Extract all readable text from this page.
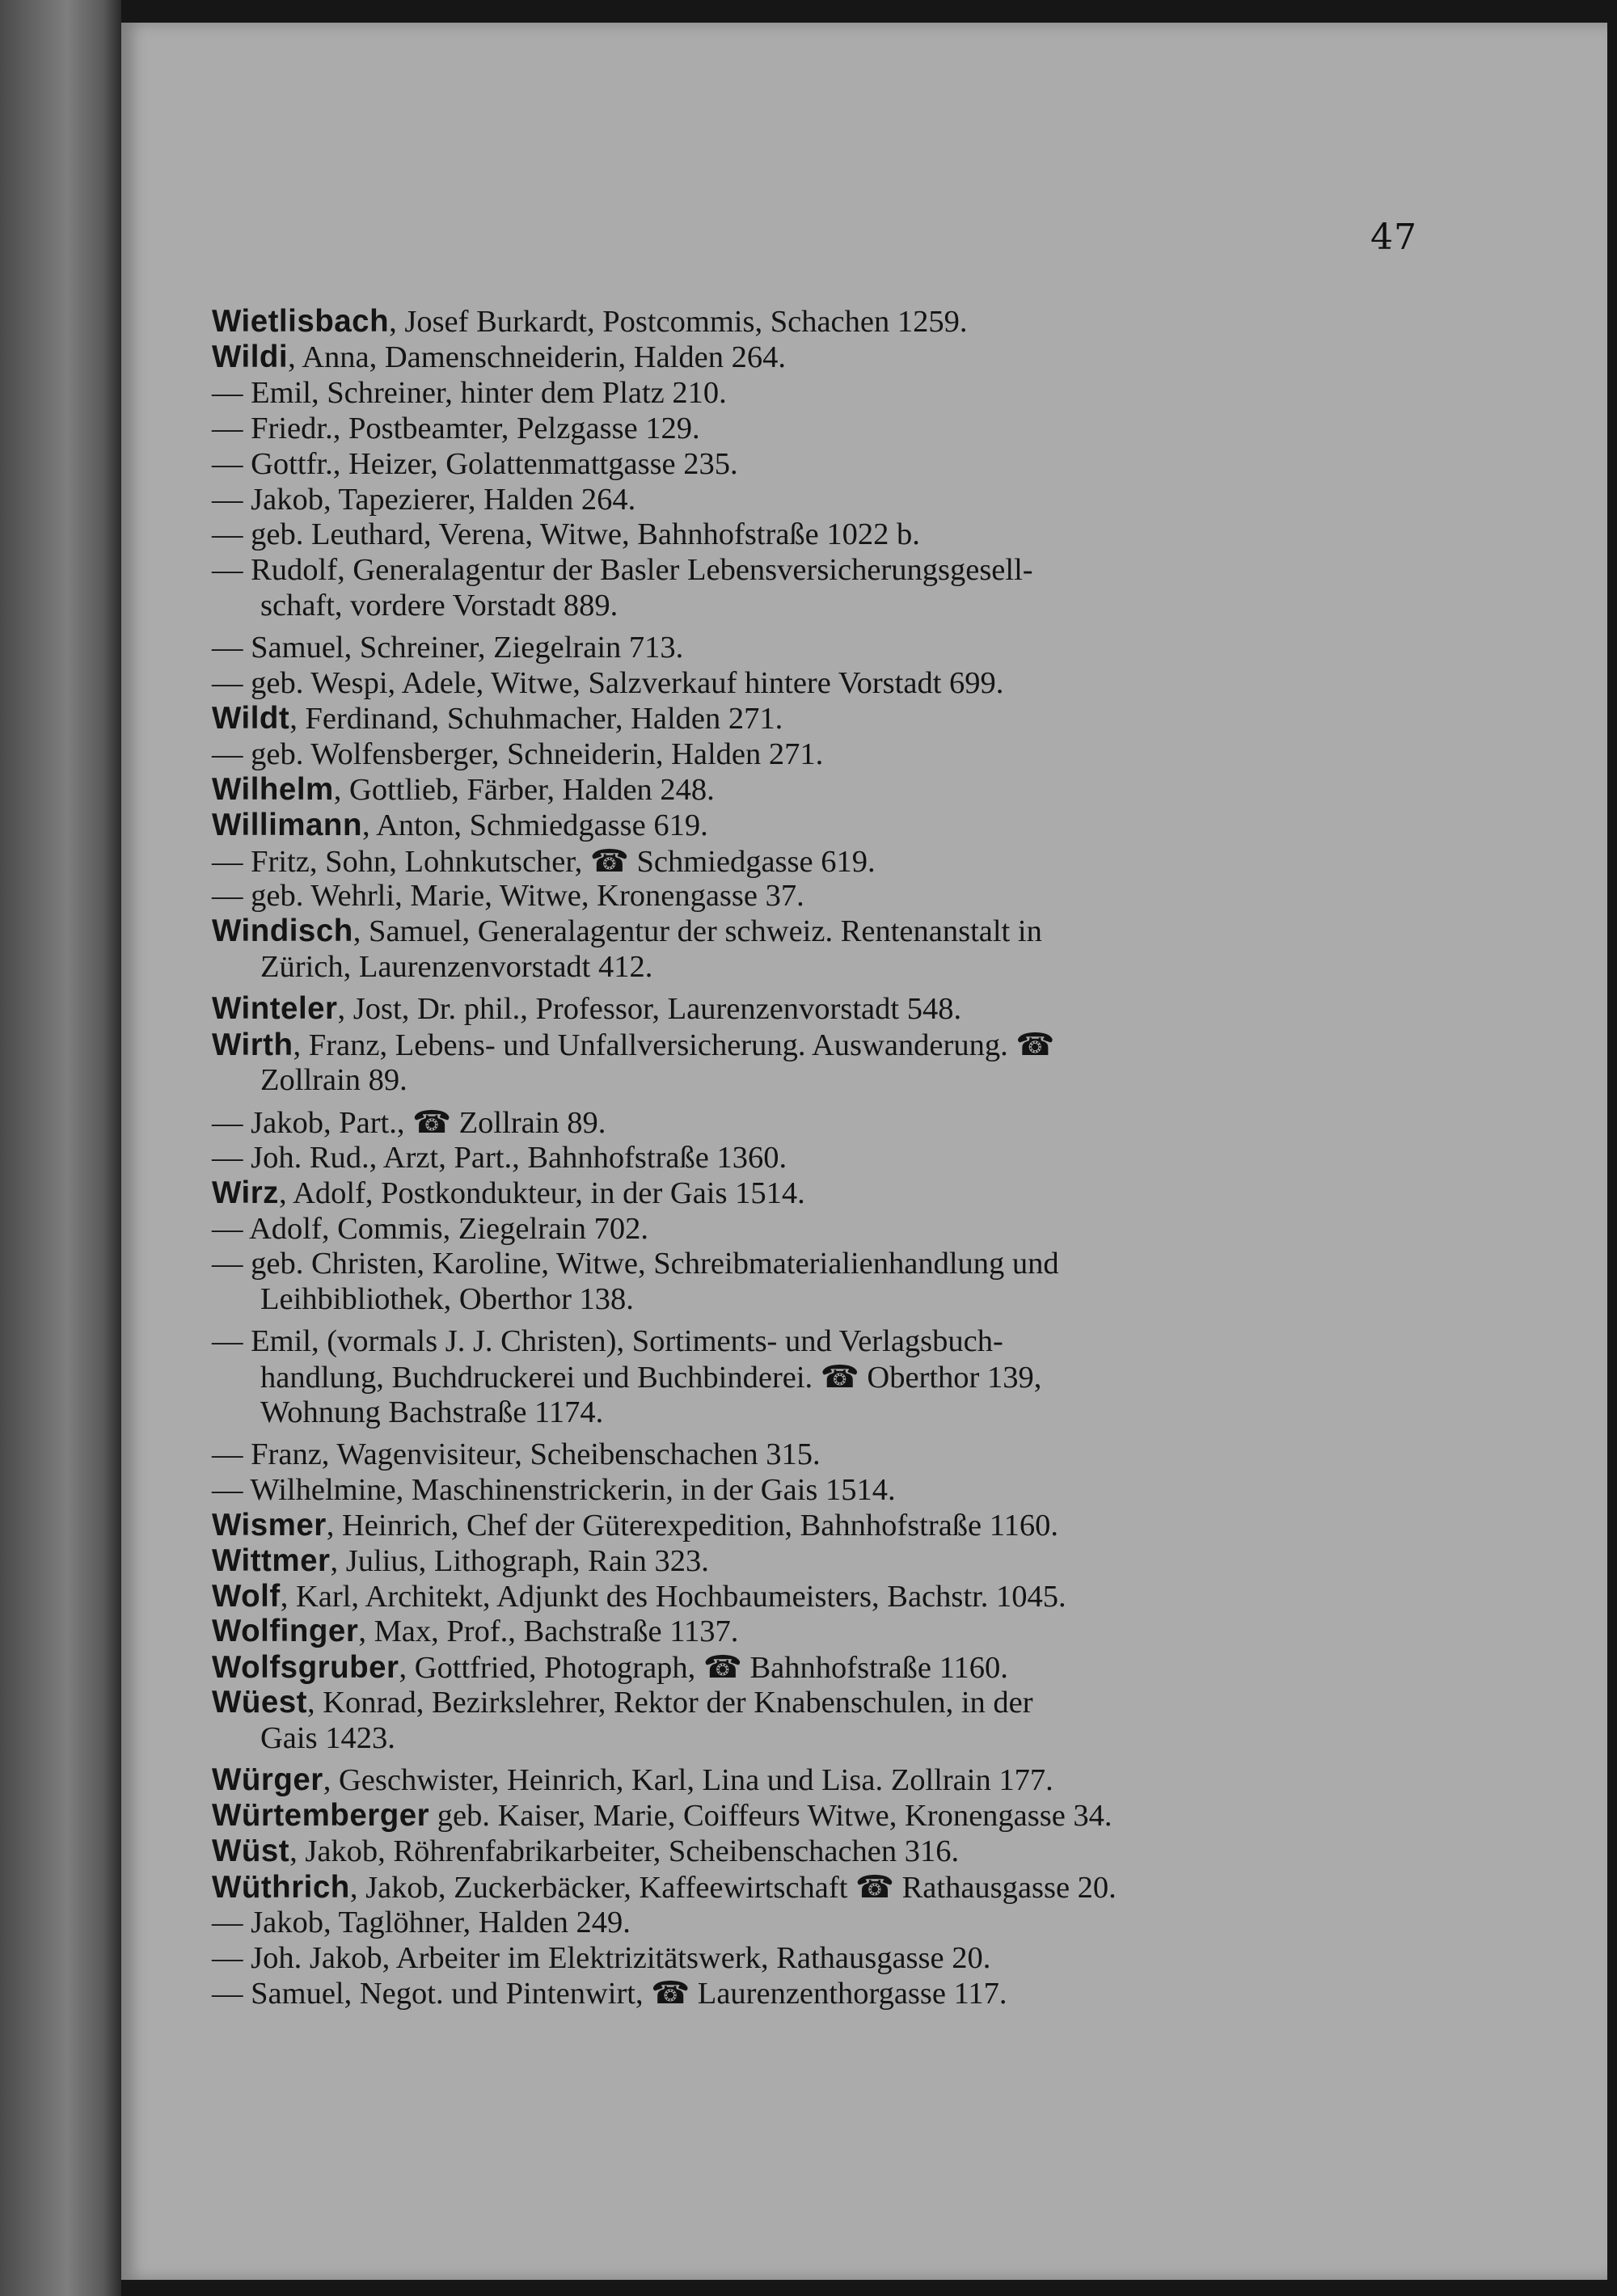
47
Wietlisbach, Josef Burkardt, Postcommis, Schachen 1259.
Wildi, Anna, Damenschneiderin, Halden 264.
— Emil, Schreiner, hinter dem Platz 210.
— Friedr., Postbeamter, Pelzgasse 129.
— Gottfr., Heizer, Golattenmattgasse 235.
— Jakob, Tapezierer, Halden 264.
— geb. Leuthard, Verena, Witwe, Bahnhofstraße 1022 b.
— Rudolf, Generalagentur der Basler Lebensversicherungsgesell-
schaft, vordere Vorstadt 889.
— Samuel, Schreiner, Ziegelrain 713.
— geb. Wespi, Adele, Witwe, Salzverkauf hintere Vorstadt 699.
Wildt, Ferdinand, Schuhmacher, Halden 271.
— geb. Wolfensberger, Schneiderin, Halden 271.
Wilhelm, Gottlieb, Färber, Halden 248.
Willimann, Anton, Schmiedgasse 619.
— Fritz, Sohn, Lohnkutscher, ☎ Schmiedgasse 619.
— geb. Wehrli, Marie, Witwe, Kronengasse 37.
Windisch, Samuel, Generalagentur der schweiz. Rentenanstalt in
Zürich, Laurenzenvorstadt 412.
Winteler, Jost, Dr. phil., Professor, Laurenzenvorstadt 548.
Wirth, Franz, Lebens- und Unfallversicherung. Auswanderung. ☎
Zollrain 89.
— Jakob, Part., ☎ Zollrain 89.
— Joh. Rud., Arzt, Part., Bahnhofstraße 1360.
Wirz, Adolf, Postkondukteur, in der Gais 1514.
— Adolf, Commis, Ziegelrain 702.
— geb. Christen, Karoline, Witwe, Schreibmaterialienhandlung und
Leihbibliothek, Oberthor 138.
— Emil, (vormals J. J. Christen), Sortiments- und Verlagsbuch-
handlung, Buchdruckerei und Buchbinderei. ☎ Oberthor 139,
Wohnung Bachstraße 1174.
— Franz, Wagenvisiteur, Scheibenschachen 315.
— Wilhelmine, Maschinenstrickerin, in der Gais 1514.
Wismer, Heinrich, Chef der Güterexpedition, Bahnhofstraße 1160.
Wittmer, Julius, Lithograph, Rain 323.
Wolf, Karl, Architekt, Adjunkt des Hochbaumeisters, Bachstr. 1045.
Wolfinger, Max, Prof., Bachstraße 1137.
Wolfsgruber, Gottfried, Photograph, ☎ Bahnhofstraße 1160.
Wüest, Konrad, Bezirkslehrer, Rektor der Knabenschulen, in der
Gais 1423.
Würger, Geschwister, Heinrich, Karl, Lina und Lisa. Zollrain 177.
Würtemberger geb. Kaiser, Marie, Coiffeurs Witwe, Kronengasse 34.
Wüst, Jakob, Röhrenfabrikarbeiter, Scheibenschachen 316.
Wüthrich, Jakob, Zuckerbäcker, Kaffeewirtschaft ☎ Rathausgasse 20.
— Jakob, Taglöhner, Halden 249.
— Joh. Jakob, Arbeiter im Elektrizitätswerk, Rathausgasse 20.
— Samuel, Negot. und Pintenwirt, ☎ Laurenzenthorgasse 117.
